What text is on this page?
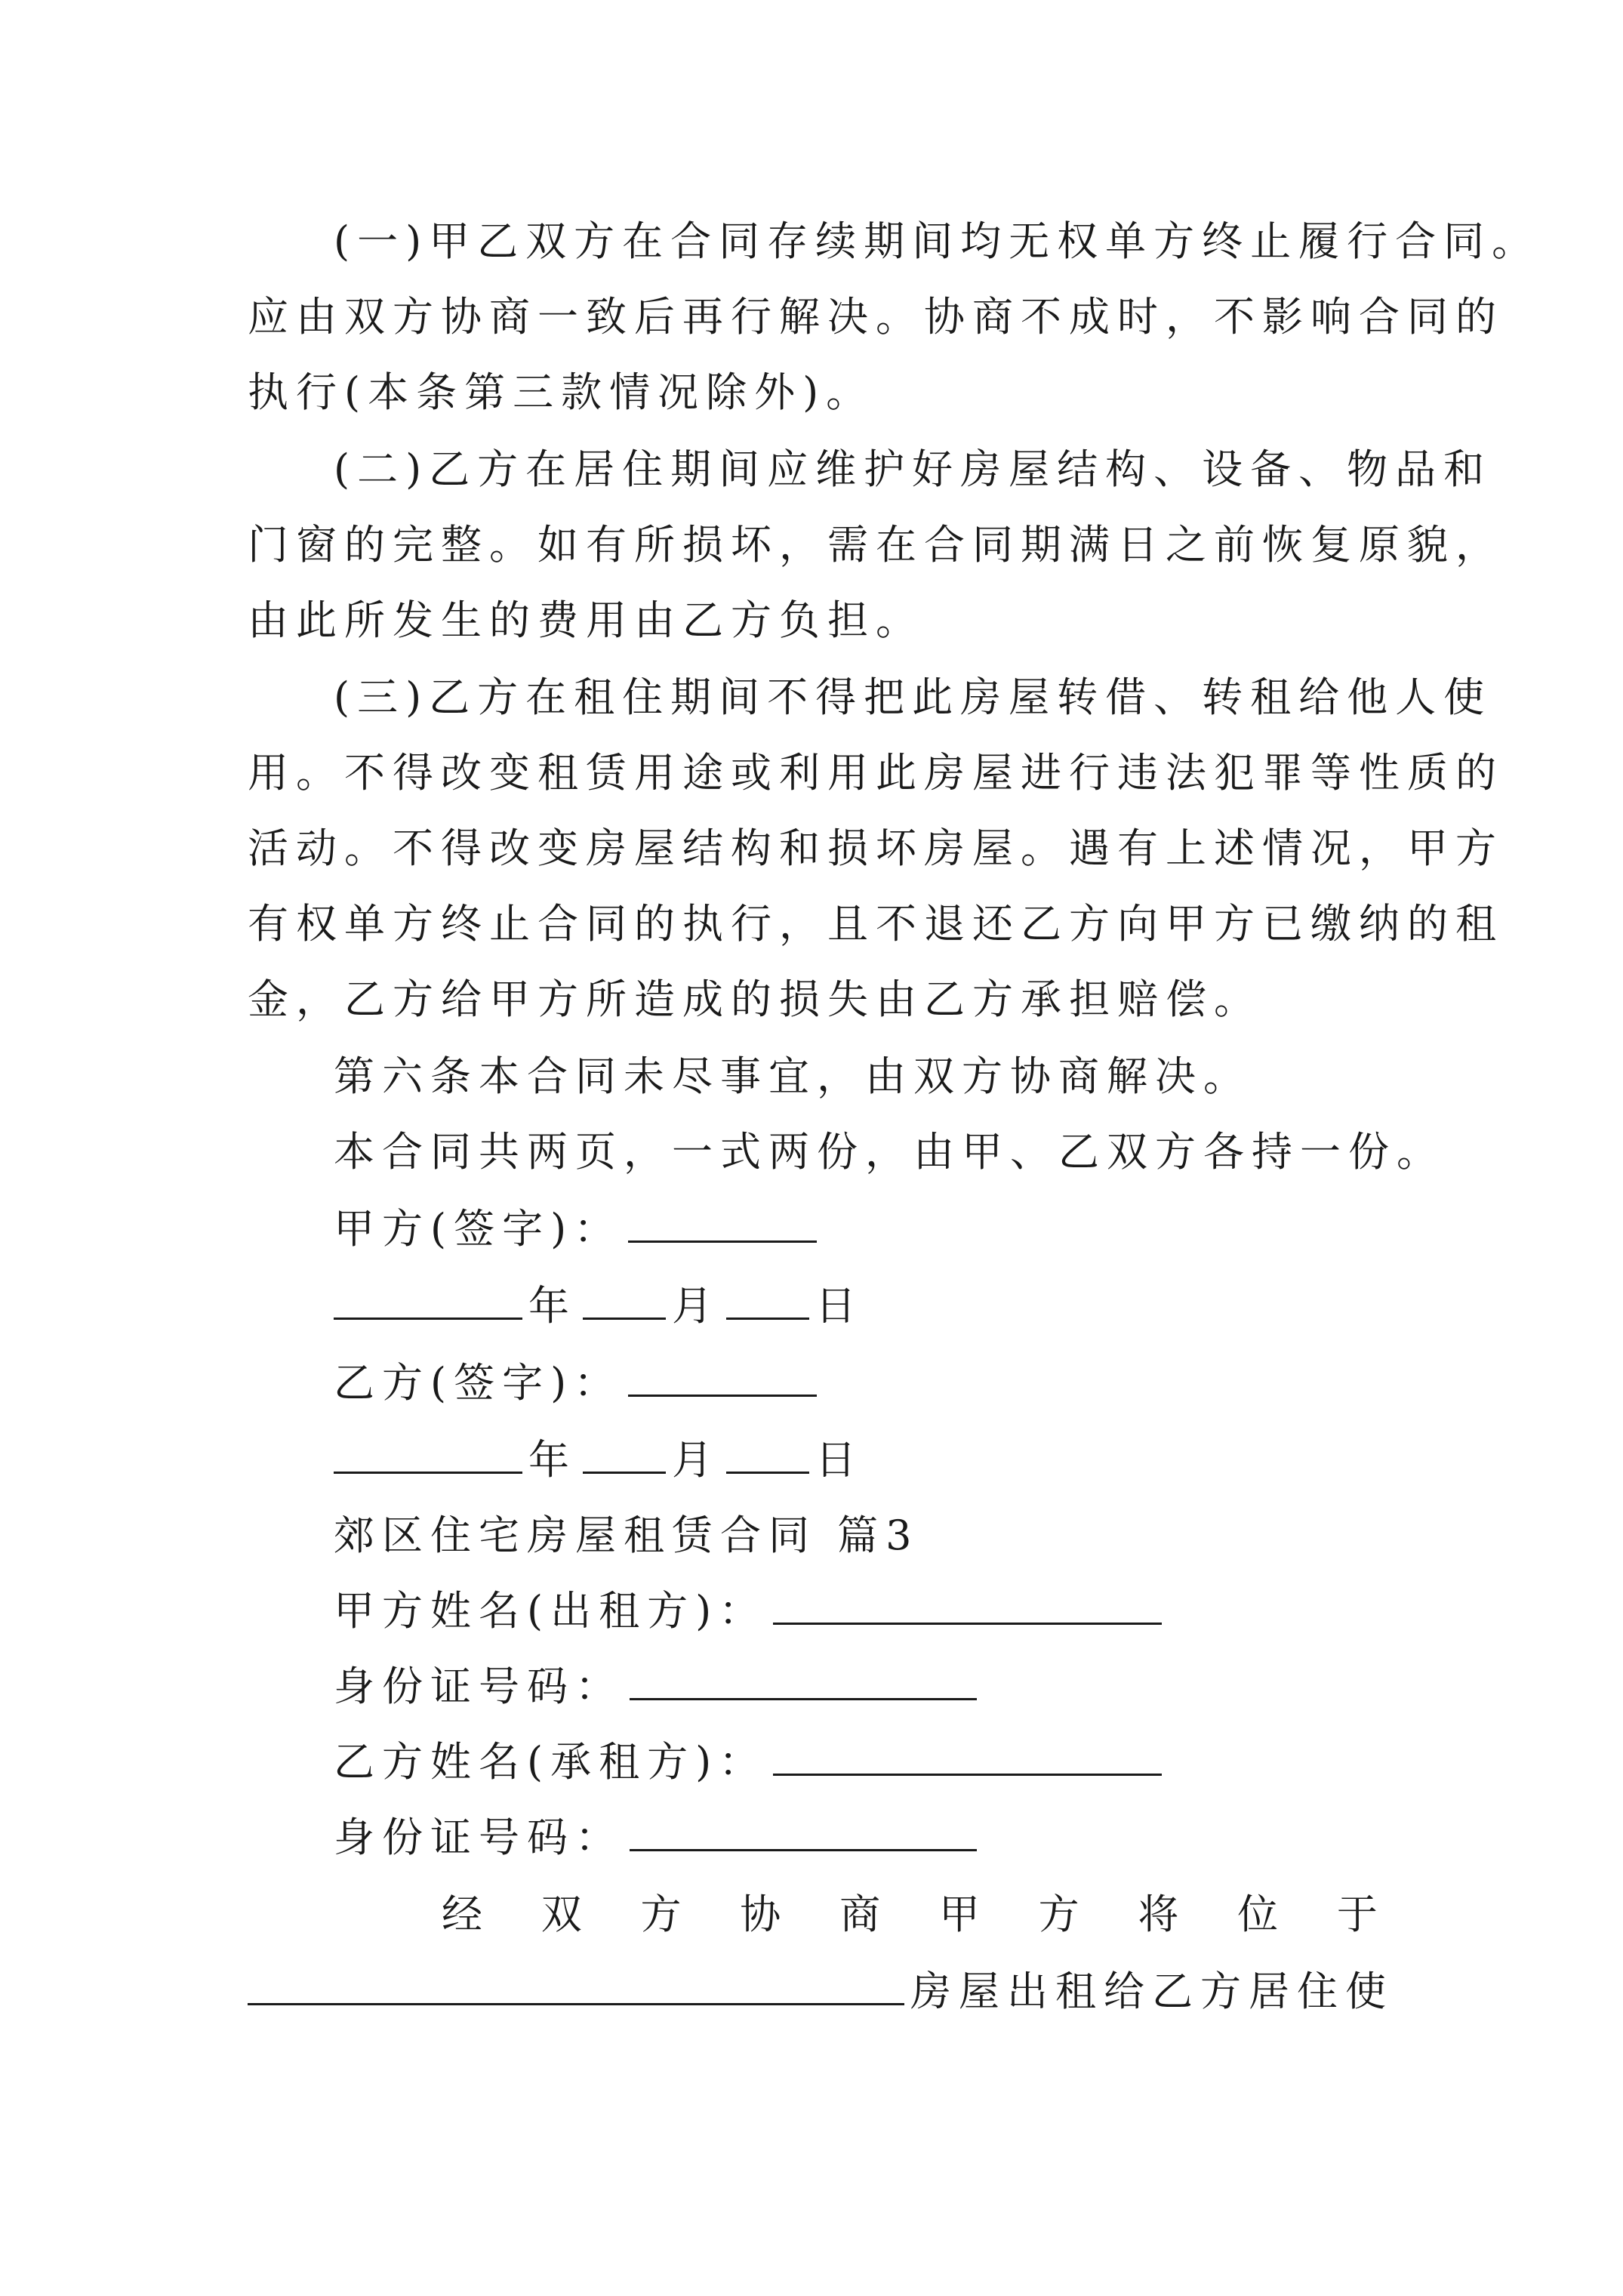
(一)甲乙双方在合同存续期间均无权单方终止履行合同。
应由双方协商一致后再行解决。协商不成时，不影响合同的
执行(本条第三款情况除外)。
(二)乙方在居住期间应维护好房屋结构、设备、物品和
门窗的完整。如有所损坏，需在合同期满日之前恢复原貌，
由此所发生的费用由乙方负担。
(三)乙方在租住期间不得把此房屋转借、转租给他人使
用。不得改变租赁用途或利用此房屋进行违法犯罪等性质的
活动。不得改变房屋结构和损坏房屋。遇有上述情况，甲方
有权单方终止合同的执行，且不退还乙方向甲方已缴纳的租
金，乙方给甲方所造成的损失由乙方承担赔偿。
第六条本合同未尽事宜，由双方协商解决。
本合同共两页，一式两份，由甲、乙双方各持一份。
甲方(签字)：
年 月 日
乙方(签字)：
年 月 日
郊区住宅房屋租赁合同 篇3
甲方姓名(出租方)：
身份证号码：
乙方姓名(承租方)：
身份证号码：
经 双 方 协 商 甲 方 将 位 于
房屋出租给乙方居住使
